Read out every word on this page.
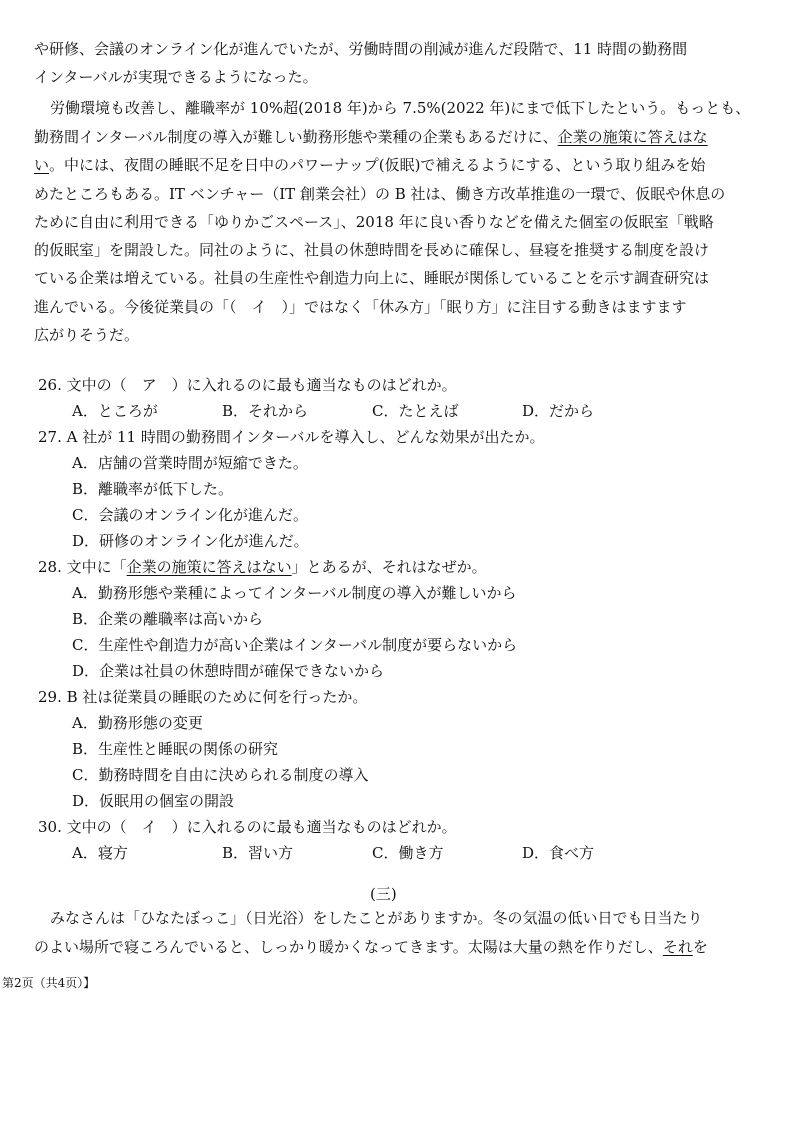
や研修、会議のオンライン化が進んでいたが、労働時間の削減が進んだ段階で、11 時間の勤務間
インターバルが実現できるようになった。
労働環境も改善し、離職率が 10%超(2018 年)から 7.5%(2022 年)にまで低下したという。もっとも、
勤務間インターバル制度の導入が難しい勤務形態や業種の企業もあるだけに、企業の施策に答えはな
い。中には、夜間の睡眠不足を日中のパワーナップ(仮眠)で補えるようにする、という取り組みを始
めたところもある。IT ベンチャー（IT 創業会社）の B 社は、働き方改革推進の一環で、仮眠や休息の
ために自由に利用できる「ゆりかごスペース」、2018 年に良い香りなどを備えた個室の仮眠室「戦略
的仮眠室」を開設した。同社のように、社員の休憩時間を長めに確保し、昼寝を推奨する制度を設け
ている企業は増えている。社員の生産性や創造力向上に、睡眠が関係していることを示す調査研究は
進んでいる。今後従業員の「（　イ　）」ではなく「休み方」「眠り方」に注目する動きはますます
広がりそうだ。
26. 文中の（　ア　）に入れるのに最も適当なものはどれか。
A．ところが	B．それから	C．たとえば	D．だから
27. A 社が 11 時間の勤務間インターバルを導入し、どんな効果が出たか。
A．店舗の営業時間が短縮できた。
B．離職率が低下した。
C．会議のオンライン化が進んだ。
D．研修のオンライン化が進んだ。
28. 文中に「企業の施策に答えはない」とあるが、それはなぜか。
A．勤務形態や業種によってインターバル制度の導入が難しいから
B．企業の離職率は高いから
C．生産性や創造力が高い企業はインターバル制度が要らないから
D．企業は社員の休憩時間が確保できないから
29. B 社は従業員の睡眠のために何を行ったか。
A．勤務形態の変更
B．生産性と睡眠の関係の研究
C．勤務時間を自由に決められる制度の導入
D．仮眠用の個室の開設
30. 文中の（　イ　）に入れるのに最も適当なものはどれか。
A．寝方	B．習い方	C．働き方	D．食べ方
(三)
みなさんは「ひなたぼっこ」（日光浴）をしたことがありますか。冬の気温の低い日でも日当たり
のよい場所で寝ころんでいると、しっかり暖かくなってきます。太陽は大量の熱を作りだし、それを
第2页（共4页）】
